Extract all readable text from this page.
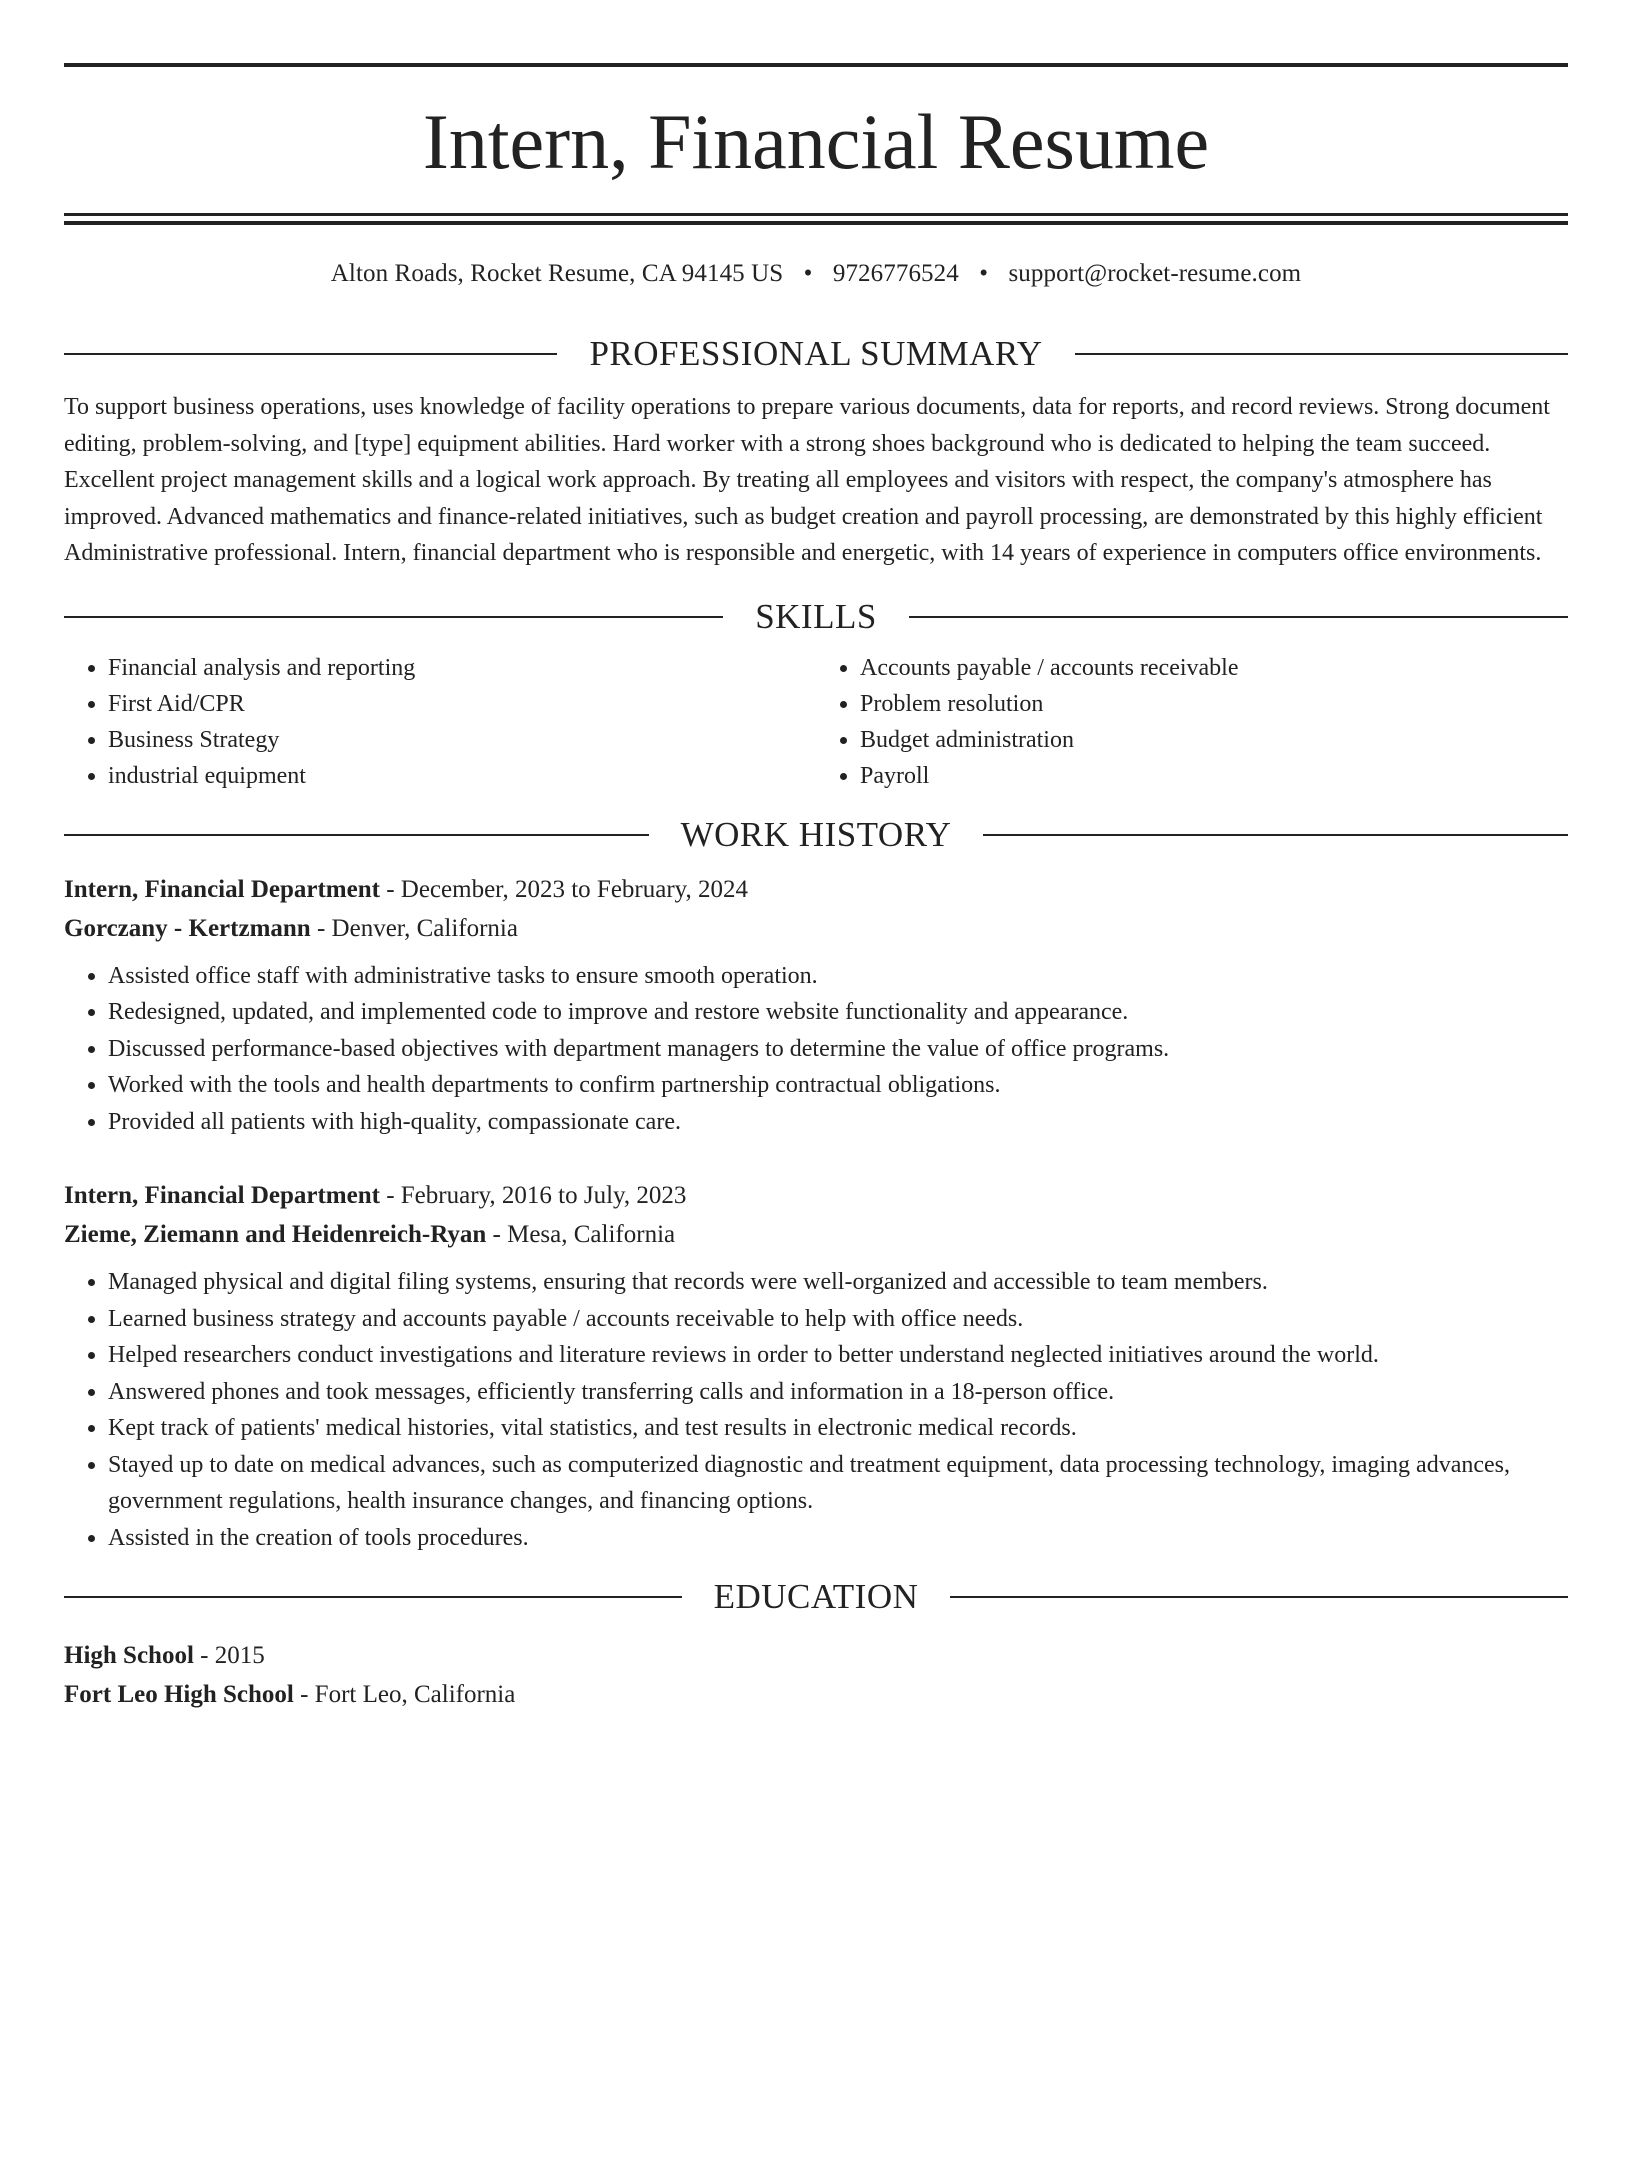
Intern, Financial Resume
Alton Roads, Rocket Resume, CA 94145 US • 9726776524 • support@rocket-resume.com
PROFESSIONAL SUMMARY

To support business operations, uses knowledge of facility operations to prepare various documents, data for reports, and record reviews. Strong document editing, problem-solving, and [type] equipment abilities. Hard worker with a strong shoes background who is dedicated to helping the team succeed. Excellent project management skills and a logical work approach. By treating all employees and visitors with respect, the company's atmosphere has improved. Advanced mathematics and finance-related initiatives, such as budget creation and payroll processing, are demonstrated by this highly efficient Administrative professional. Intern, financial department who is responsible and energetic, with 14 years of experience in computers office environments.

SKILLS
• Financial analysis and reporting
• First Aid/CPR
• Business Strategy
• industrial equipment
• Accounts payable / accounts receivable
• Problem resolution
• Budget administration
• Payroll
WORK HISTORY
Intern, Financial Department - December, 2023 to February, 2024
Gorczany - Kertzmann - Denver, California
• Assisted office staff with administrative tasks to ensure smooth operation.
• Redesigned, updated, and implemented code to improve and restore website functionality and appearance.
• Discussed performance-based objectives with department managers to determine the value of office programs.
• Worked with the tools and health departments to confirm partnership contractual obligations.
• Provided all patients with high-quality, compassionate care.
Intern, Financial Department - February, 2016 to July, 2023
Zieme, Ziemann and Heidenreich-Ryan - Mesa, California
• Managed physical and digital filing systems, ensuring that records were well-organized and accessible to team members.
• Learned business strategy and accounts payable / accounts receivable to help with office needs.
• Helped researchers conduct investigations and literature reviews in order to better understand neglected initiatives around the world.
• Answered phones and took messages, efficiently transferring calls and information in a 18-person office.
• Kept track of patients' medical histories, vital statistics, and test results in electronic medical records.
• Stayed up to date on medical advances, such as computerized diagnostic and treatment equipment, data processing technology, imaging advances, government regulations, health insurance changes, and financing options.
• Assisted in the creation of tools procedures.
EDUCATION
High School - 2015
Fort Leo High School - Fort Leo, California
